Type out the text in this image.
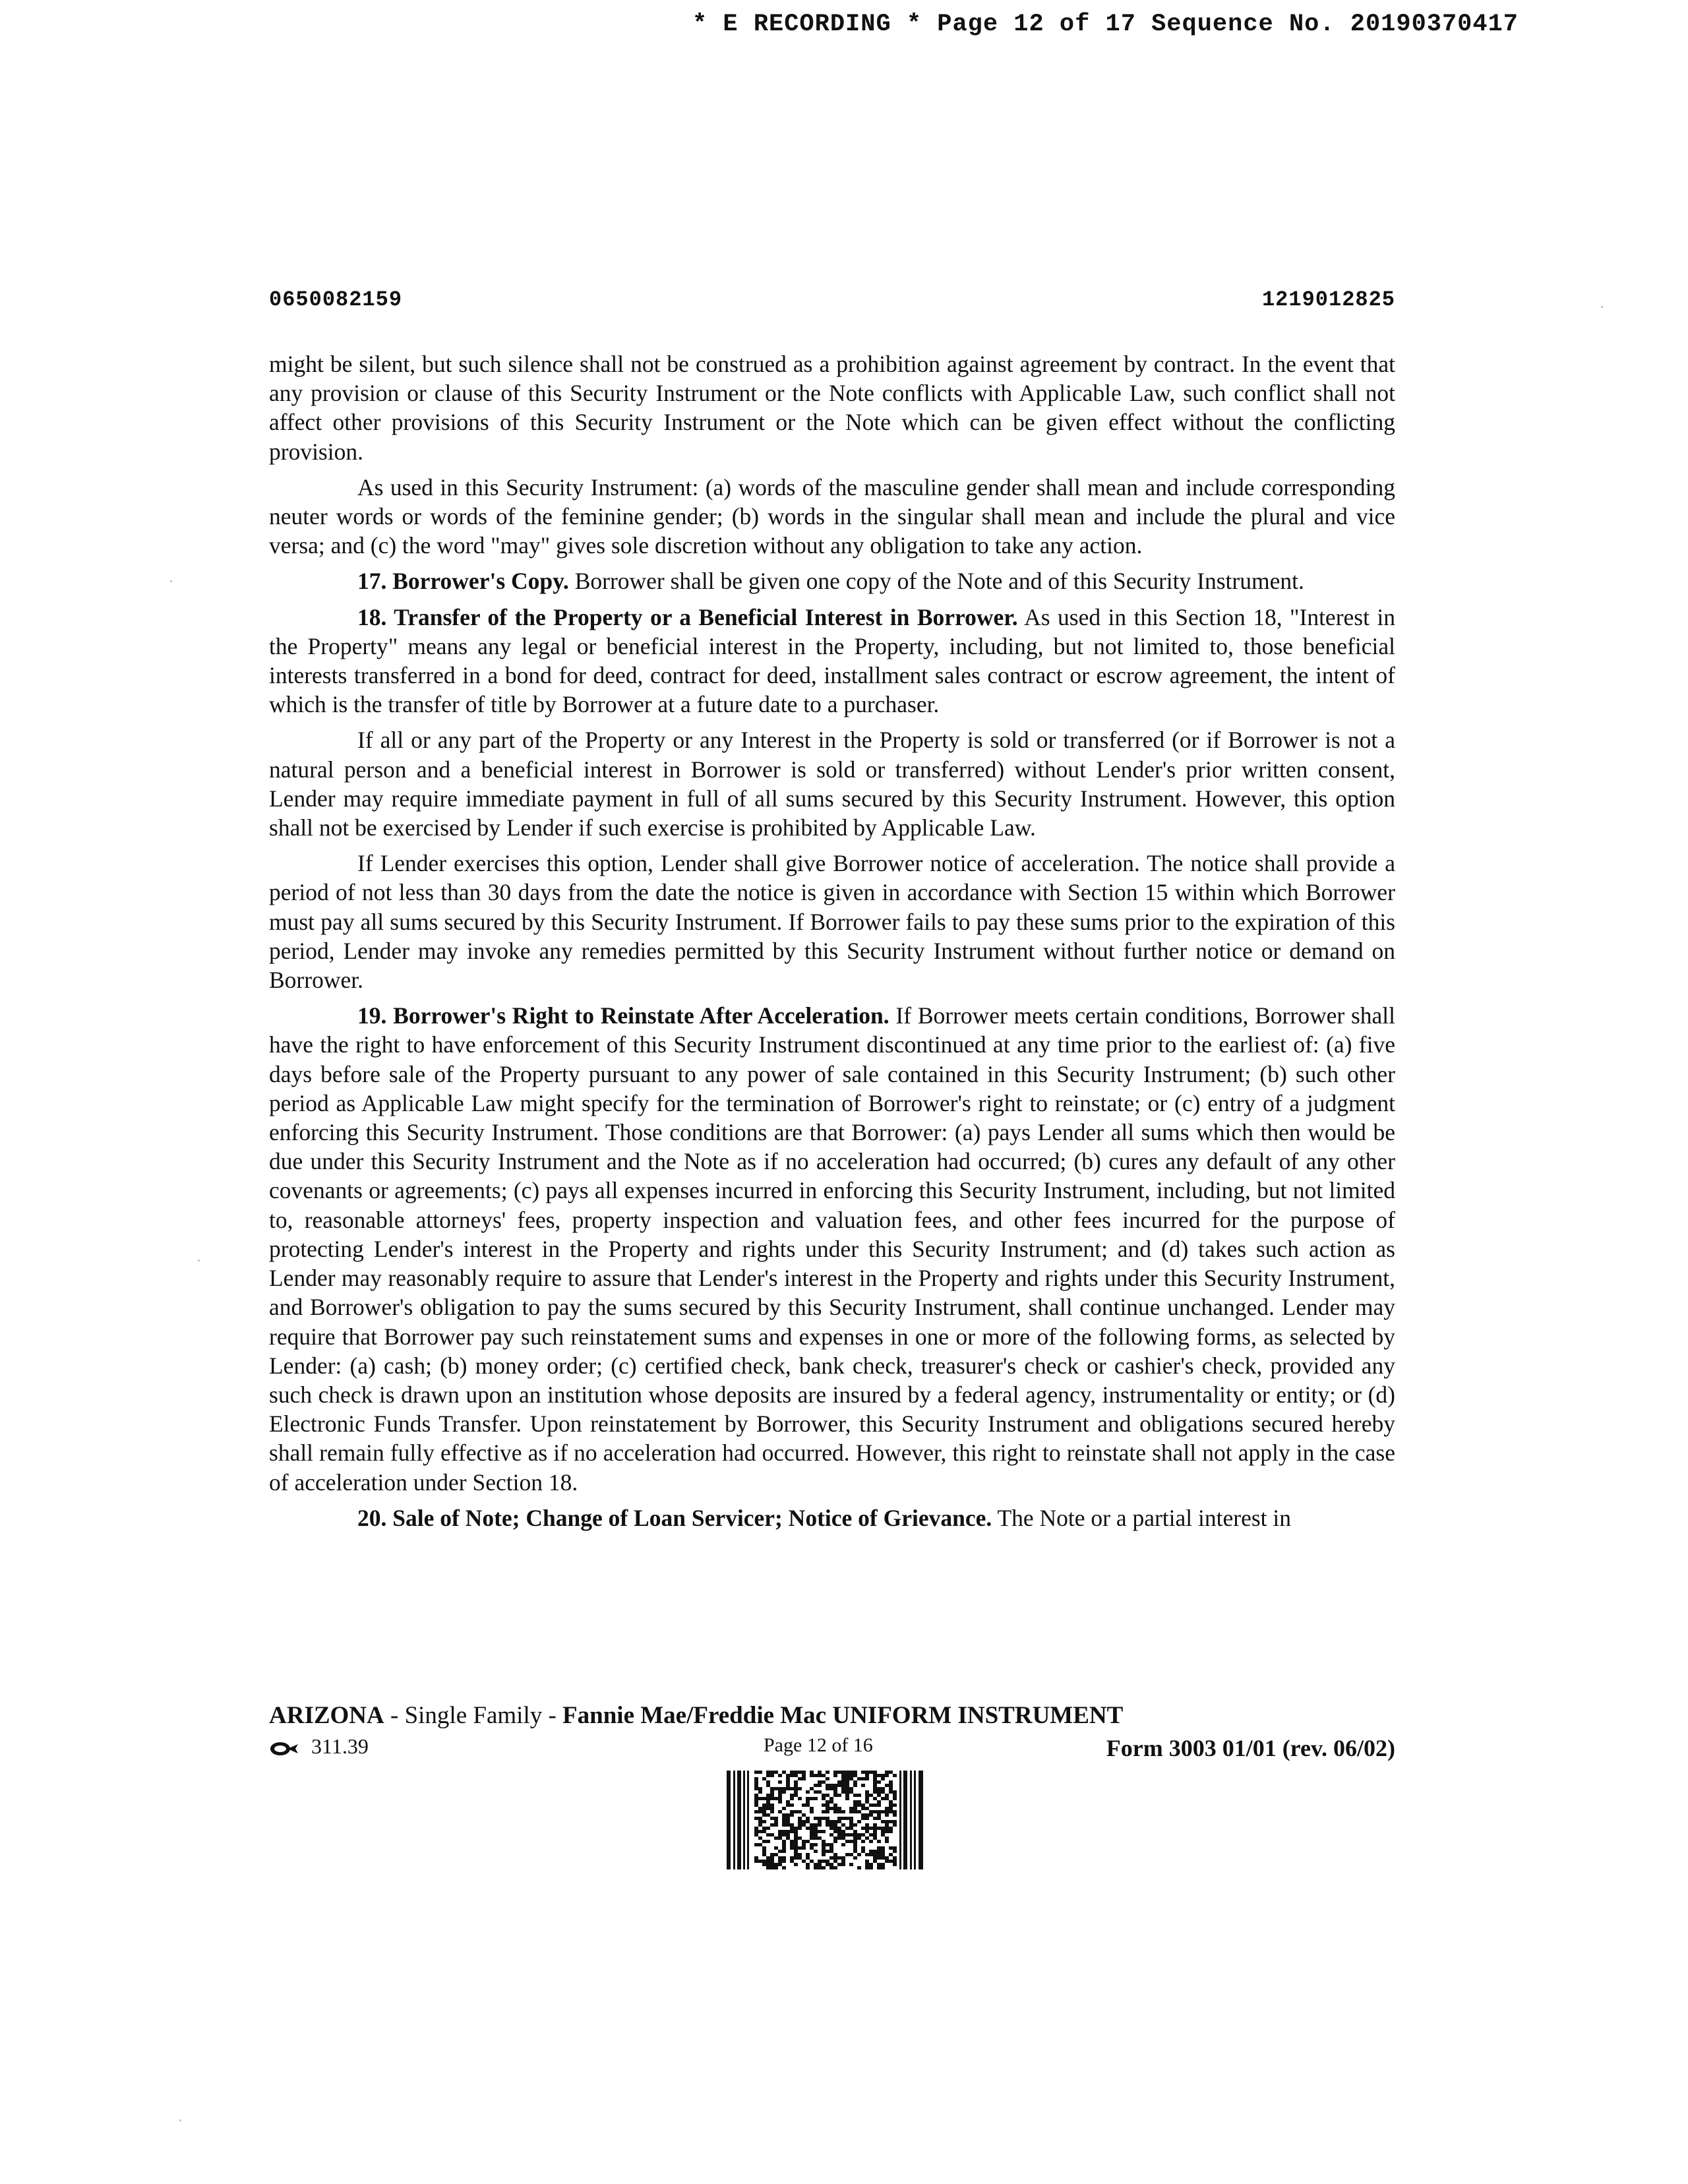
* E RECORDING * Page 12 of 17 Sequence No. 20190370417
0650082159	1219012825

might be silent, but such silence shall not be construed as a prohibition against agreement by contract. In the event that any provision or clause of this Security Instrument or the Note conflicts with Applicable Law, such conflict shall not affect other provisions of this Security Instrument or the Note which can be given effect without the conflicting provision.

As used in this Security Instrument: (a) words of the masculine gender shall mean and include corresponding neuter words or words of the feminine gender; (b) words in the singular shall mean and include the plural and vice versa; and (c) the word "may" gives sole discretion without any obligation to take any action.

17. Borrower's Copy. Borrower shall be given one copy of the Note and of this Security Instrument.

18. Transfer of the Property or a Beneficial Interest in Borrower. As used in this Section 18, "Interest in the Property" means any legal or beneficial interest in the Property, including, but not limited to, those beneficial interests transferred in a bond for deed, contract for deed, installment sales contract or escrow agreement, the intent of which is the transfer of title by Borrower at a future date to a purchaser.

If all or any part of the Property or any Interest in the Property is sold or transferred (or if Borrower is not a natural person and a beneficial interest in Borrower is sold or transferred) without Lender's prior written consent, Lender may require immediate payment in full of all sums secured by this Security Instrument. However, this option shall not be exercised by Lender if such exercise is prohibited by Applicable Law.

If Lender exercises this option, Lender shall give Borrower notice of acceleration. The notice shall provide a period of not less than 30 days from the date the notice is given in accordance with Section 15 within which Borrower must pay all sums secured by this Security Instrument. If Borrower fails to pay these sums prior to the expiration of this period, Lender may invoke any remedies permitted by this Security Instrument without further notice or demand on Borrower.

19. Borrower's Right to Reinstate After Acceleration. If Borrower meets certain conditions, Borrower shall have the right to have enforcement of this Security Instrument discontinued at any time prior to the earliest of: (a) five days before sale of the Property pursuant to any power of sale contained in this Security Instrument; (b) such other period as Applicable Law might specify for the termination of Borrower's right to reinstate; or (c) entry of a judgment enforcing this Security Instrument. Those conditions are that Borrower: (a) pays Lender all sums which then would be due under this Security Instrument and the Note as if no acceleration had occurred; (b) cures any default of any other covenants or agreements; (c) pays all expenses incurred in enforcing this Security Instrument, including, but not limited to, reasonable attorneys' fees, property inspection and valuation fees, and other fees incurred for the purpose of protecting Lender's interest in the Property and rights under this Security Instrument; and (d) takes such action as Lender may reasonably require to assure that Lender's interest in the Property and rights under this Security Instrument, and Borrower's obligation to pay the sums secured by this Security Instrument, shall continue unchanged. Lender may require that Borrower pay such reinstatement sums and expenses in one or more of the following forms, as selected by Lender: (a) cash; (b) money order; (c) certified check, bank check, treasurer's check or cashier's check, provided any such check is drawn upon an institution whose deposits are insured by a federal agency, instrumentality or entity; or (d) Electronic Funds Transfer. Upon reinstatement by Borrower, this Security Instrument and obligations secured hereby shall remain fully effective as if no acceleration had occurred. However, this right to reinstate shall not apply in the case of acceleration under Section 18.

20. Sale of Note; Change of Loan Servicer; Notice of Grievance. The Note or a partial interest in

ARIZONA - Single Family - Fannie Mae/Freddie Mac UNIFORM INSTRUMENT
311.39	Page 12 of 16	Form 3003 01/01 (rev. 06/02)
